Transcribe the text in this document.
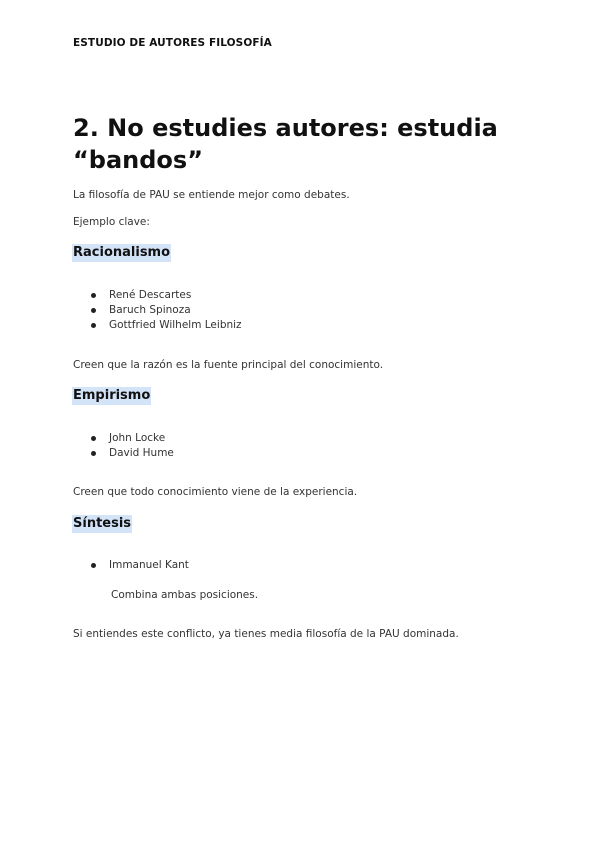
ESTUDIO DE AUTORES FILOSOFÍA
2. No estudies autores: estudia “bandos”
La filosofía de PAU se entiende mejor como debates.
Ejemplo clave:
Racionalismo
René Descartes
Baruch Spinoza
Gottfried Wilhelm Leibniz
Creen que la razón es la fuente principal del conocimiento.
Empirismo
John Locke
David Hume
Creen que todo conocimiento viene de la experiencia.
Síntesis
Immanuel Kant
Combina ambas posiciones.
Si entiendes este conflicto, ya tienes media filosofía de la PAU dominada.
